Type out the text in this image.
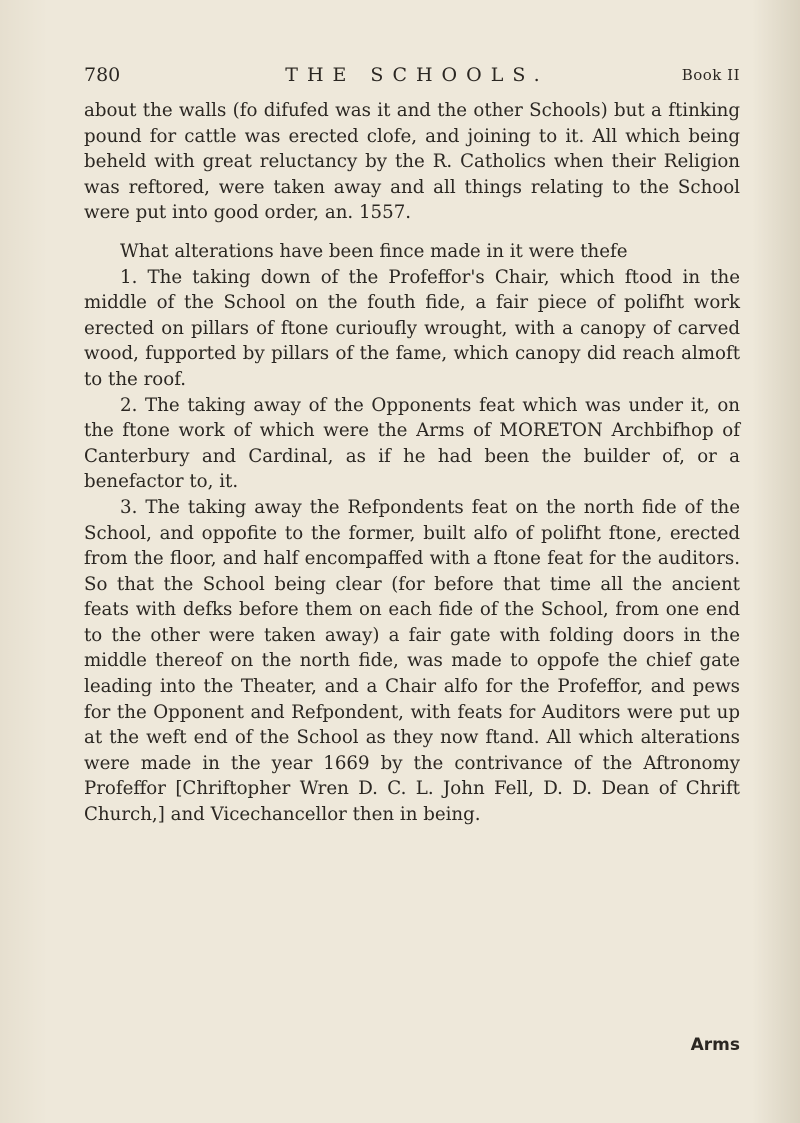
780	THE SCHOOLS.	Book II

about the walls (fo difufed was it and the other Schools) but a ftinking pound for cattle was erected clofe, and joining to it. All which being beheld with great reluctancy by the R. Catholics when their Religion was reftored, were taken away and all things relating to the School were put into good order, an. 1557.

What alterations have been fince made in it were thefe

1. The taking down of the Profeffor's Chair, which ftood in the middle of the School on the fouth fide, a fair piece of polifht work erected on pillars of ftone curioufly wrought, with a canopy of carved wood, fupported by pillars of the fame, which canopy did reach almoft to the roof.

2. The taking away of the Opponents feat which was under it, on the ftone work of which were the Arms of MORETON Archbifhop of Canterbury and Cardinal, as if he had been the builder of, or a benefactor to, it.

3. The taking away the Refpondents feat on the north fide of the School, and oppofite to the former, built alfo of polifht ftone, erected from the floor, and half encompaffed with a ftone feat for the auditors. So that the School being clear (for before that time all the ancient feats with defks before them on each fide of the School, from one end to the other were taken away) a fair gate with folding doors in the middle thereof on the north fide, was made to oppofe the chief gate leading into the Theater, and a Chair alfo for the Profeffor, and pews for the Opponent and Refpondent, with feats for Auditors were put up at the weft end of the School as they now ftand. All which alterations were made in the year 1669 by the contrivance of the Aftronomy Profeffor [Chriftopher Wren D. C. L. John Fell, D. D. Dean of Chrift Church,] and Vicechancellor then in being.

Arms
